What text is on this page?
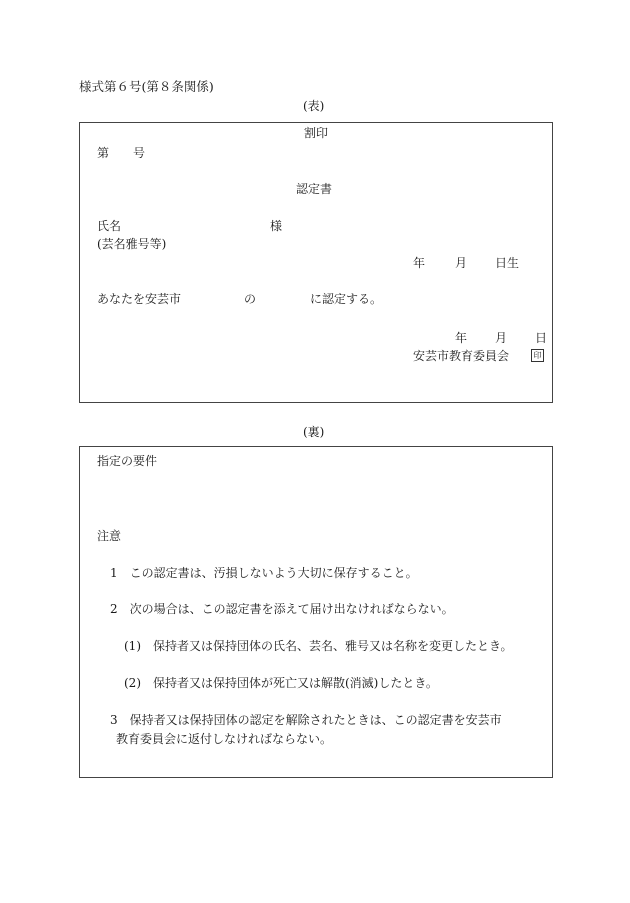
様式第６号(第８条関係)
(表)
割印
第　　号
認定書
氏名	様
(芸名雅号等)
年 月 日生
あなたを安芸市	の	に認定する。
年 月 日
安芸市教育委員会	印
(裏)
指定の要件
注意
1　この認定書は、汚損しないよう大切に保存すること。
2　次の場合は、この認定書を添えて届け出なければならない。
(1)　保持者又は保持団体の氏名、芸名、雅号又は名称を変更したとき。
(2)　保持者又は保持団体が死亡又は解散(消滅)したとき。
3　保持者又は保持団体の認定を解除されたときは、この認定書を安芸市
教育委員会に返付しなければならない。
